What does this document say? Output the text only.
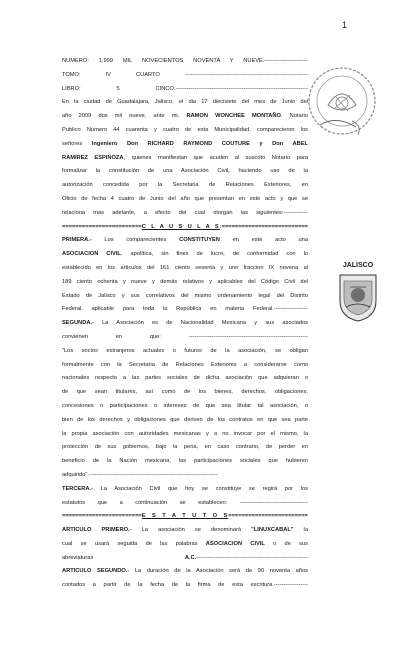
1
JALISCO

NUMERO: 1,999 MIL NOVECIENTOS NOVENTA Y NUEVE.-----------------------

TOMO: IV CUARTO -----------------------------------------------------------------

LIBRO: 5 CINCO.----------------------------------------------------------------------

En la ciudad de Guadalajara, Jalisco, el dia 17 diecisiete del mes de Junio del

año 2009 dos mil nueve, ante mi, RAMON WONCHEE MONTAÑO. Notario

Publico Numero 44 cuarenta y cuatro de esta Municipalidad, comparecieron los

señores Ingeniero Don RICHARD RAYMOND COUTURE y Don ABEL

RAMIREZ ESPINOZA, quienes manifiestan que acuden al suscrito Notario para

formalizar la constitución de una Asociación Civil, haciendo uso de la

autorización concedida por la Secretaria de Relaciones Exteriores, en

Oficio de fecha 4 cuatro de Junio del año que presentan en este acto y que se

relaciona mas adelante, a efecto del cual otorgan las siguientes:-------------

========================C L A U S U L A S:==========================

PRIMERA.- Los comparecientes CONSTITUYEN en este acto una

ASOCIACION CIVIL, apolítica, sin fines de lucro, de conformidad con lo

establecido en los articulos del 161 ciento sesenta y uno fraccion IX novena al

189 ciento ochenta y nueve y demás relativos y aplicables del Código Civil del

Estado de Jalisco y sus correlativos del mismo ordenamiento legal del Distrito

Federal, aplicable para toda la República en materia Federal.------------------

SEGUNDA.- La Asociación es de Nacionalidad Mexicana y sus asociados

convienen en que: ---------------------------------------------------------------

"Los socios extranjeros actuales o futuros de la asociación, se obligan

formalmente con la Secretaria de Relaciones Exteriores a considerarse como

nacionales respecto a las partes sociales de dicha asociación que adquieran o

de que sean titulares, así como de los bienes, derechos, obligaciones,

concesiones o participaciones o intereses de que sea titular tal asociación, o

bien de los derechos y obligaciones que deriven de los contratos en que sea parte

la propia asociación con autoridades mexicanas y a no invocar por el mismo, la

protección de sus gobiernos, bajo la pena, en caso contrario, de perder en

beneficio de la Nación mexicana, las participaciones sociales que hubieren

adquirido".--------------------------------------------------------------------

TERCERA.- La Asociación Civil que hoy se constituye se regirá por los

estatutos que a continuación se establecen: ------------------------------------

========================E S T A T U T O S========================

ARTICULO PRIMERO.- La asociación se denominará "LINUXCABAL" la

cual se usará seguida de las palabras ASOCIACION CIVIL o de sus

abreviaturas A.C.-----------------------------------------------------------

ARTICULO SEGUNDO.- La duración de la Asociación será de 90 noventa años

contados a partir de la fecha de la firma de esta escritura.------------------
